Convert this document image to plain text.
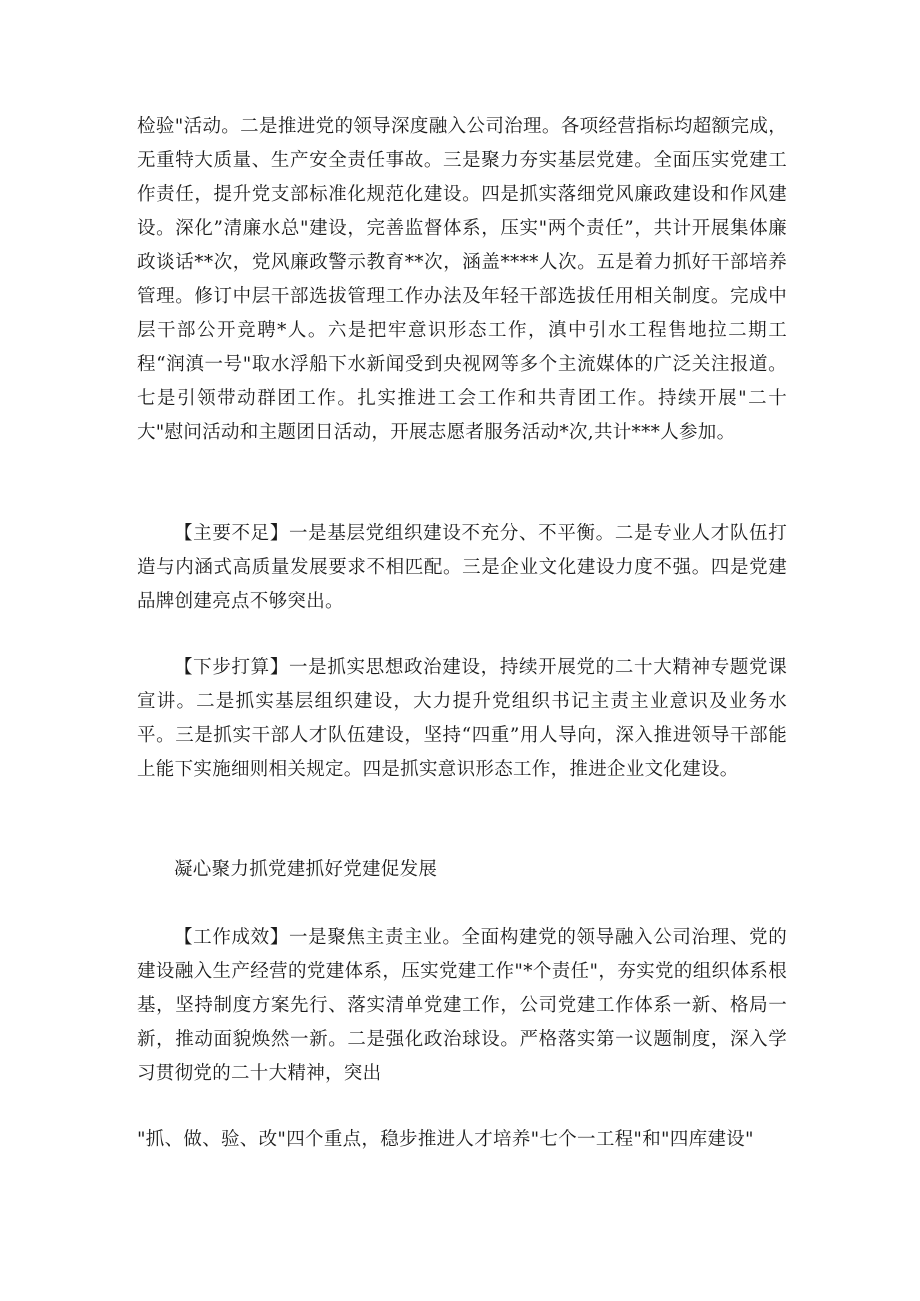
检验"活动。二是推进党的领导深度融入公司治理。各项经营指标均超额完成，无重特大质量、生产安全责任事故。三是聚力夯实基层党建。全面压实党建工作责任，提升党支部标准化规范化建设。四是抓实落细党风廉政建设和作风建设。深化”清廉水总"建设，完善监督体系，压实"两个责任”，共计开展集体廉政谈话**次，党风廉政警示教育**次，涵盖****人次。五是着力抓好干部培养管理。修订中层干部选拔管理工作办法及年轻干部选拔任用相关制度。完成中层干部公开竞聘*人。六是把牢意识形态工作，滇中引水工程售地拉二期工程“润滇一号"取水浮船下水新闻受到央视网等多个主流媒体的广泛关注报道。七是引领带动群团工作。扎实推进工会工作和共青团工作。持续开展"二十大"慰问活动和主题团日活动，开展志愿者服务活动*次,共计***人参加。

【主要不足】一是基层党组织建设不充分、不平衡。二是专业人才队伍打造与内涵式高质量发展要求不相匹配。三是企业文化建设力度不强。四是党建品牌创建亮点不够突出。

【下步打算】一是抓实思想政治建设，持续开展党的二十大精神专题党课宣讲。二是抓实基层组织建设，大力提升党组织书记主责主业意识及业务水平。三是抓实干部人才队伍建设，坚持“四重”用人导向，深入推进领导干部能上能下实施细则相关规定。四是抓实意识形态工作，推进企业文化建设。

凝心聚力抓党建抓好党建促发展

【工作成效】一是聚焦主责主业。全面构建党的领导融入公司治理、党的建设融入生产经营的党建体系，压实党建工作"*个责任"，夯实党的组织体系根基，坚持制度方案先行、落实清单党建工作，公司党建工作体系一新、格局一新，推动面貌焕然一新。二是强化政治球设。严格落实第一议题制度，深入学习贯彻党的二十大精神，突出

"抓、做、验、改"四个重点，稳步推进人才培养"七个一工程"和"四库建设"
